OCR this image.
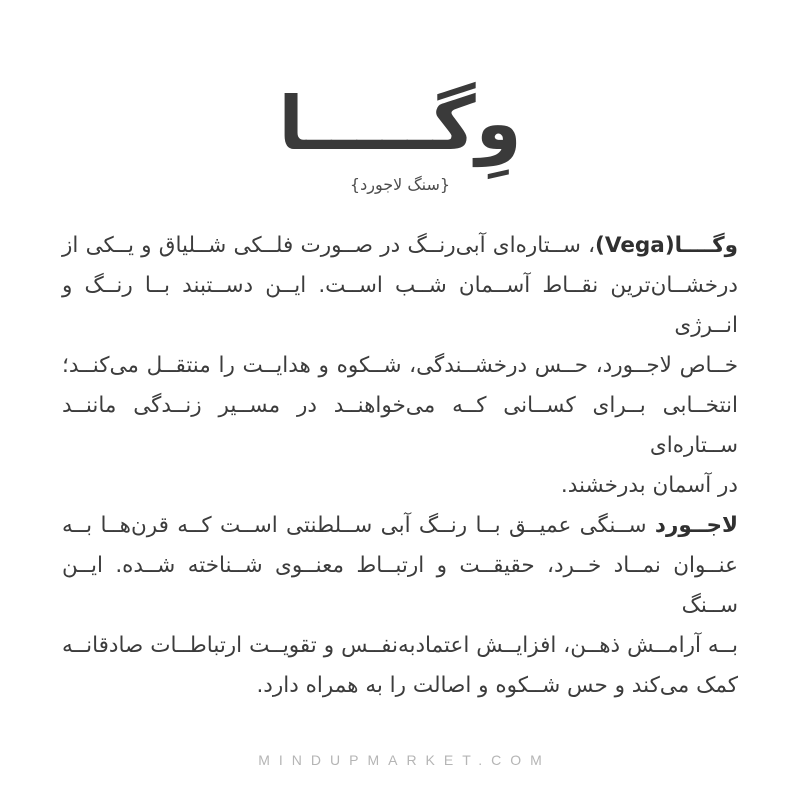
وِگـــــا
{سنگ لاجورد}
وگــــا(Vega)، ســتاره‌ای آبی‌رنــگ در صــورت فلــکی شــلیاق و یــکی از
درخشــان‌ترین نقــاط آســمان شــب اســت. ایــن دســتبند بــا رنــگ و انــرژی
خــاص لاجــورد، حــس درخشــندگی، شــکوه و هدایــت را منتقــل می‌کنــد؛
انتخــابی بــرای کســانی کــه می‌خواهنــد در مســیر زنــدگی ماننــد ســتاره‌ای
در آسمان بدرخشند.
لاجــورد ســنگی عمیــق بــا رنــگ آبی ســلطنتی اســت کــه قرن‌هــا بــه
عنــوان نمــاد خــرد، حقیقــت و ارتبــاط معنــوی شــناخته شــده. ایــن ســنگ
بــه آرامــش ذهــن، افزایــش اعتمادبه‌نفــس و تقویــت ارتباطــات صادقانــه
کمک می‌کند و حس شــکوه و اصالت را به همراه دارد.
MINDUPMARKET.COM
